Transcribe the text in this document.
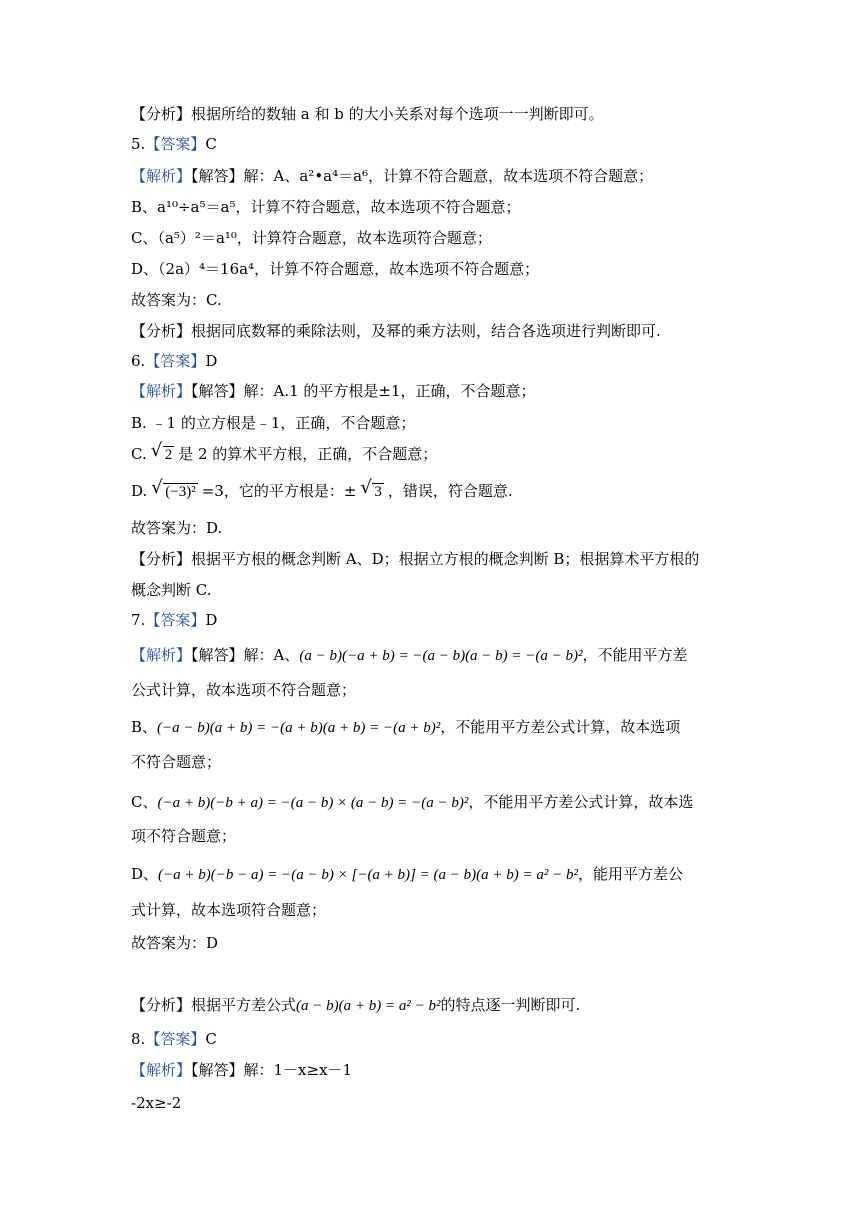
【分析】根据所给的数轴 a 和 b 的大小关系对每个选项一一判断即可。
5.【答案】C
【解析】【解答】解：A、a²•a⁴＝a⁶，计算不符合题意，故本选项不符合题意；
B、a¹⁰÷a⁵＝a⁵，计算不符合题意，故本选项不符合题意；
C、（a⁵）²＝a¹⁰，计算符合题意，故本选项符合题意；
D、（2a）⁴＝16a⁴，计算不符合题意，故本选项不符合题意；
故答案为：C.
【分析】根据同底数幂的乘除法则，及幂的乘方法则，结合各选项进行判断即可.
6.【答案】D
【解析】【解答】解：A.1 的平方根是±1，正确，不合题意；
B. ﹣1 的立方根是﹣1，正确，不合题意；
C. √ 2 是 2 的算术平方根，正确，不合题意；
D. √ (−3)² =3，它的平方根是：± √ 3 ，错误，符合题意.
故答案为：D.
【分析】根据平方根的概念判断 A、D；根据立方根的概念判断 B；根据算术平方根的
概念判断 C.
7.【答案】D
【解析】【解答】解：A、(a − b)(−a + b) = −(a − b)(a − b) = −(a − b)²，不能用平方差
公式计算，故本选项不符合题意；
B、(−a − b)(a + b) = −(a + b)(a + b) = −(a + b)²，不能用平方差公式计算，故本选项
不符合题意；
C、(−a + b)(−b + a) = −(a − b) × (a − b) = −(a − b)²，不能用平方差公式计算，故本选
项不符合题意；
D、(−a + b)(−b − a) = −(a − b) × [−(a + b)] = (a − b)(a + b) = a² − b²，能用平方差公
式计算，故本选项符合题意；
故答案为：D
【分析】根据平方差公式(a − b)(a + b) = a² − b²的特点逐一判断即可.
8.【答案】C
【解析】【解答】解：1－x≥x－1
-2x≥-2
